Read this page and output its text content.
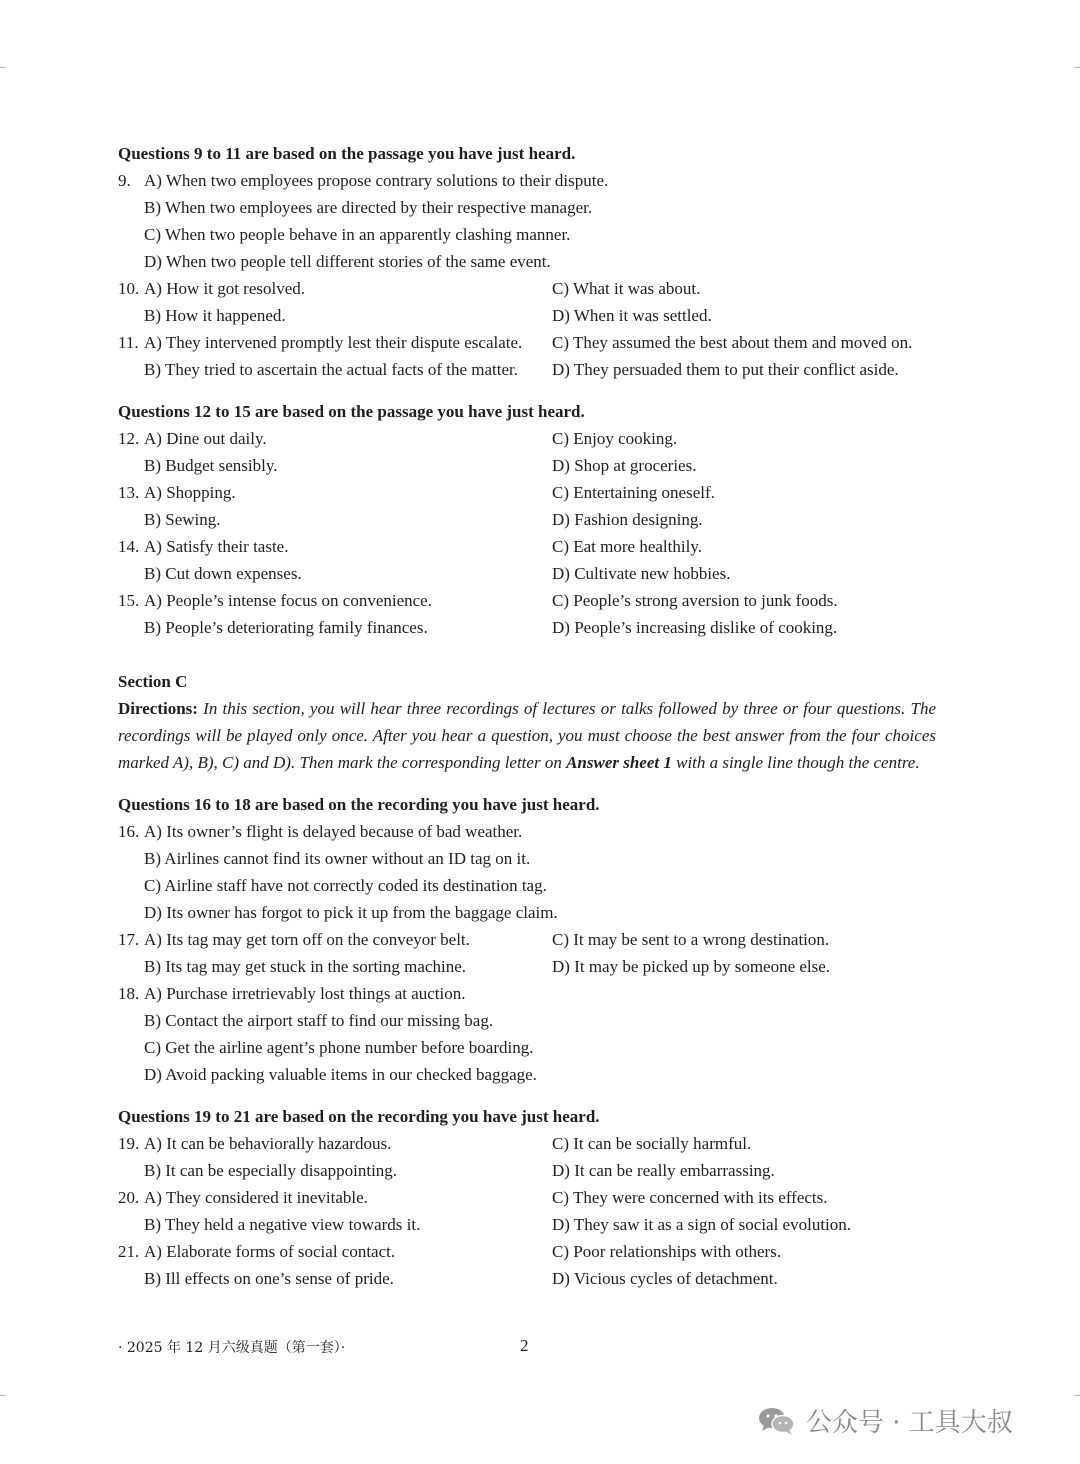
Questions 9 to 11 are based on the passage you have just heard.
9. A) When two employees propose contrary solutions to their dispute.
B) When two employees are directed by their respective manager.
C) When two people behave in an apparently clashing manner.
D) When two people tell different stories of the same event.
10. A) How it got resolved.	C) What it was about.
B) How it happened.	D) When it was settled.
11. A) They intervened promptly lest their dispute escalate. C) They assumed the best about them and moved on.
B) They tried to ascertain the actual facts of the matter. D) They persuaded them to put their conflict aside.
Questions 12 to 15 are based on the passage you have just heard.
12. A) Dine out daily.	C) Enjoy cooking.
B) Budget sensibly.	D) Shop at groceries.
13. A) Shopping.	C) Entertaining oneself.
B) Sewing.	D) Fashion designing.
14. A) Satisfy their taste.	C) Eat more healthily.
B) Cut down expenses.	D) Cultivate new hobbies.
15. A) People’s intense focus on convenience.	C) People’s strong aversion to junk foods.
B) People’s deteriorating family finances.	D) People’s increasing dislike of cooking.
Section C
Directions: In this section, you will hear three recordings of lectures or talks followed by three or four questions. The recordings will be played only once. After you hear a question, you must choose the best answer from the four choices marked A), B), C) and D). Then mark the corresponding letter on Answer sheet 1 with a single line though the centre.
Questions 16 to 18 are based on the recording you have just heard.
16. A) Its owner’s flight is delayed because of bad weather.
B) Airlines cannot find its owner without an ID tag on it.
C) Airline staff have not correctly coded its destination tag.
D) Its owner has forgot to pick it up from the baggage claim.
17. A) Its tag may get torn off on the conveyor belt.	C) It may be sent to a wrong destination.
B) Its tag may get stuck in the sorting machine.	D) It may be picked up by someone else.
18. A) Purchase irretrievably lost things at auction.
B) Contact the airport staff to find our missing bag.
C) Get the airline agent’s phone number before boarding.
D) Avoid packing valuable items in our checked baggage.
Questions 19 to 21 are based on the recording you have just heard.
19. A) It can be behaviorally hazardous.	C) It can be socially harmful.
B) It can be especially disappointing.	D) It can be really embarrassing.
20. A) They considered it inevitable.	C) They were concerned with its effects.
B) They held a negative view towards it.	D) They saw it as a sign of social evolution.
21. A) Elaborate forms of social contact.	C) Poor relationships with others.
B) Ill effects on one’s sense of pride.	D) Vicious cycles of detachment.
· 2025 年 12 月六级真题（第一套）·	2
公众号 · 工具大叔
